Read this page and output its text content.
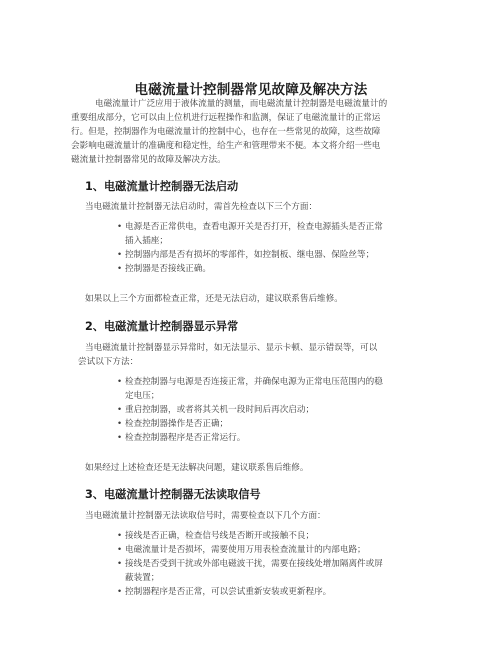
电磁流量计控制器常见故障及解决方法
电磁流量计广泛应用于液体流量的测量，而电磁流量计控制器是电磁流量计的
重要组成部分，它可以由上位机进行远程操作和监测，保证了电磁流量计的正常运
行。但是，控制器作为电磁流量计的控制中心，也存在一些常见的故障，这些故障
会影响电磁流量计的准确度和稳定性，给生产和管理带来不便。本文将介绍一些电
磁流量计控制器常见的故障及解决方法。
1、电磁流量计控制器无法启动
当电磁流量计控制器无法启动时，需首先检查以下三个方面：
• 电源是否正常供电，查看电源开关是否打开，检查电源插头是否正常
插入插座；
• 控制器内部是否有损坏的零部件，如控制板、继电器、保险丝等；
• 控制器是否接线正确。
如果以上三个方面都检查正常，还是无法启动，建议联系售后维修。
2、电磁流量计控制器显示异常
当电磁流量计控制器显示异常时，如无法显示、显示卡顿、显示错误等，可以
尝试以下方法：
• 检查控制器与电源是否连接正常，并确保电源为正常电压范围内的稳
定电压；
• 重启控制器，或者将其关机一段时间后再次启动；
• 检查控制器操作是否正确；
• 检查控制器程序是否正常运行。
如果经过上述检查还是无法解决问题，建议联系售后维修。
3、电磁流量计控制器无法读取信号
当电磁流量计控制器无法读取信号时，需要检查以下几个方面：
• 接线是否正确，检查信号线是否断开或接触不良；
• 电磁流量计是否损坏，需要使用万用表检查流量计的内部电路；
• 接线是否受到干扰或外部电磁波干扰，需要在接线处增加隔离件或屏
蔽装置；
• 控制器程序是否正常，可以尝试重新安装或更新程序。
